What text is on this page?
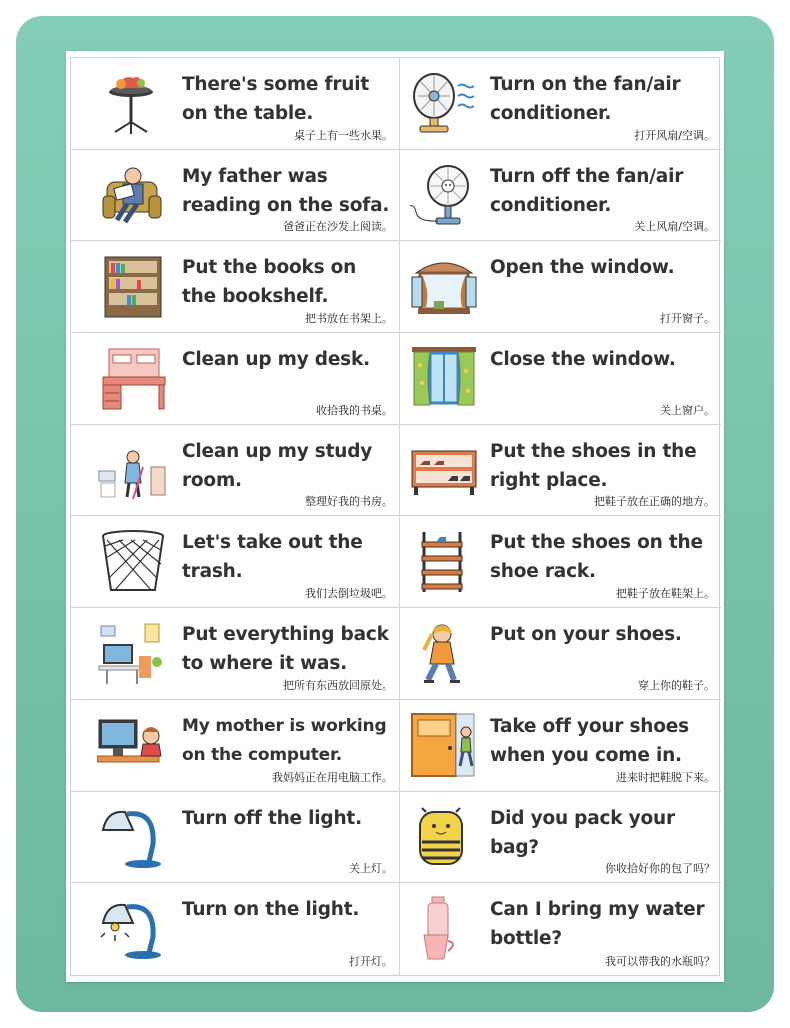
There's some fruit on the table.
桌子上有一些水果。
Turn on the fan/air conditioner.
打开风扇/空调。
My father was reading on the sofa.
爸爸正在沙发上阅读。
Turn off the fan/air conditioner.
关上风扇/空调。
Put the books on the bookshelf.
把书放在书架上。
Open the window.
打开窗子。
Clean up my desk.
收拾我的书桌。
Close the window.
关上窗户。
Clean up my study room.
整理好我的书房。
Put the shoes in the right place.
把鞋子放在正确的地方。
Let's take out the trash.
我们去倒垃圾吧。
Put the shoes on the shoe rack.
把鞋子放在鞋架上。
Put everything back to where it was.
把所有东西放回原处。
Put on your shoes.
穿上你的鞋子。
My mother is working on the computer.
我妈妈正在用电脑工作。
Take off your shoes when you come in.
进来时把鞋脱下来。
Turn off the light.
关上灯。
Did you pack your bag?
你收拾好你的包了吗？
Turn on the light.
打开灯。
Can I bring my water bottle?
我可以带我的水瓶吗？
